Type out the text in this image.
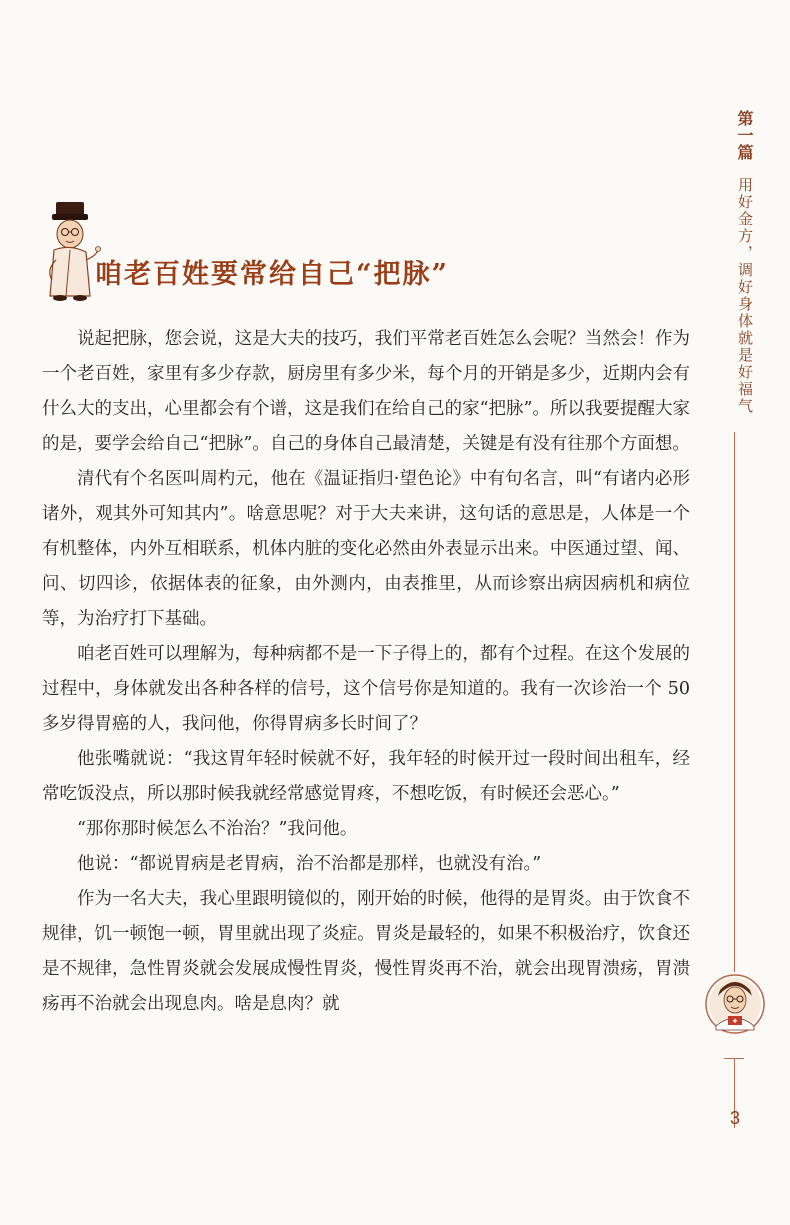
第一篇
用好金方，调好身体就是好福气
✚
3
咱老百姓要常给自己“把脉”

说起把脉，您会说，这是大夫的技巧，我们平常老百姓怎么会呢？当然会！作为一个老百姓，家里有多少存款，厨房里有多少米，每个月的开销是多少，近期内会有什么大的支出，心里都会有个谱，这是我们在给自己的家“把脉”。所以我要提醒大家的是，要学会给自己“把脉”。自己的身体自己最清楚，关键是有没有往那个方面想。

清代有个名医叫周杓元，他在《温证指归·望色论》中有句名言，叫“有诸内必形诸外，观其外可知其内”。啥意思呢？对于大夫来讲，这句话的意思是，人体是一个有机整体，内外互相联系，机体内脏的变化必然由外表显示出来。中医通过望、闻、问、切四诊，依据体表的征象，由外测内，由表推里，从而诊察出病因病机和病位等，为治疗打下基础。

咱老百姓可以理解为，每种病都不是一下子得上的，都有个过程。在这个发展的过程中，身体就发出各种各样的信号，这个信号你是知道的。我有一次诊治一个 50 多岁得胃癌的人，我问他，你得胃病多长时间了？

他张嘴就说：“我这胃年轻时候就不好，我年轻的时候开过一段时间出租车，经常吃饭没点，所以那时候我就经常感觉胃疼，不想吃饭，有时候还会恶心。”

“那你那时候怎么不治治？”我问他。

他说：“都说胃病是老胃病，治不治都是那样，也就没有治。”

作为一名大夫，我心里跟明镜似的，刚开始的时候，他得的是胃炎。由于饮食不规律，饥一顿饱一顿，胃里就出现了炎症。胃炎是最轻的，如果不积极治疗，饮食还是不规律，急性胃炎就会发展成慢性胃炎，慢性胃炎再不治，就会出现胃溃疡，胃溃疡再不治就会出现息肉。啥是息肉？就
